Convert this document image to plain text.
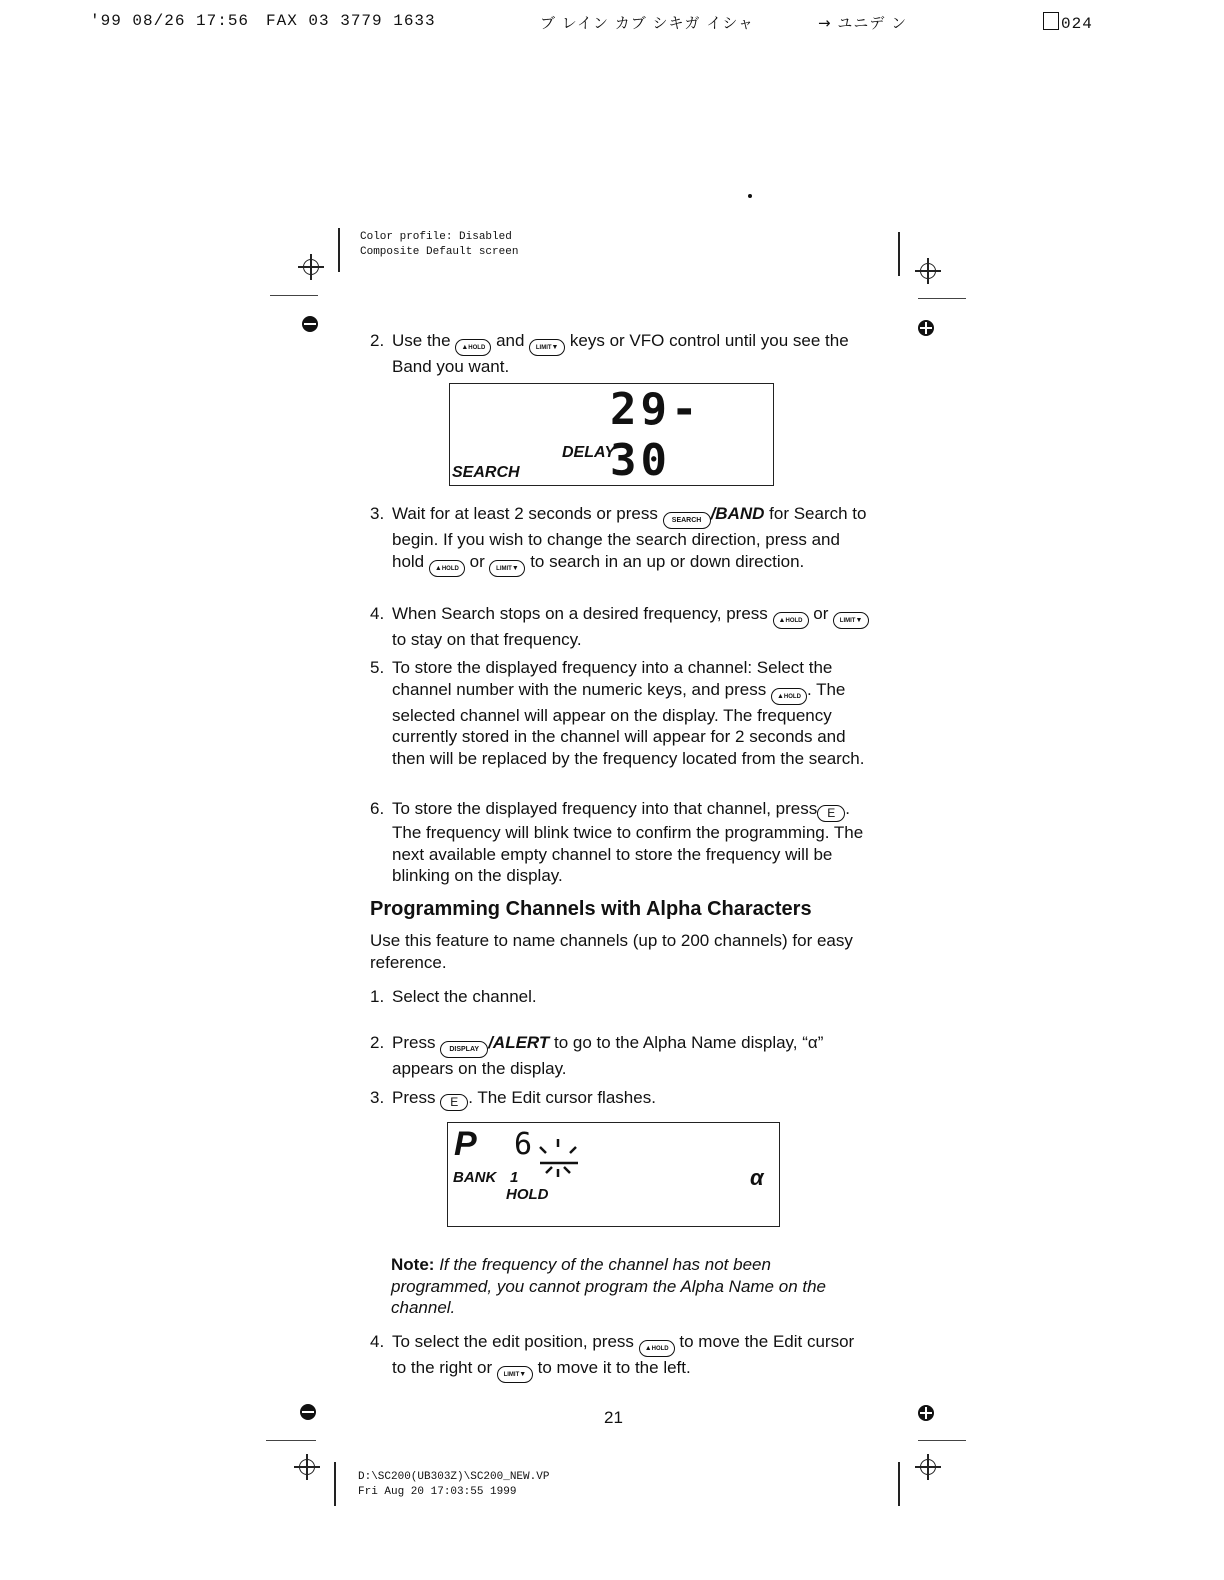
'99 08/26 17:56 FAX 03 3779 1633	ブ レイン カブ シキガ イシャ	→ ユニデ ン	024
Color profile: Disabled
Composite Default screen
2. Use the ▲HOLD and LIMIT▼ keys or VFO control until you see the Band you want.
29- 30
DELAY
SEARCH
3. Wait for at least 2 seconds or press SEARCH /BAND for Search to begin. If you wish to change the search direction, press and hold ▲HOLD or LIMIT▼ to search in an up or down direction.
4. When Search stops on a desired frequency, press ▲HOLD or LIMIT▼ to stay on that frequency.
5. To store the displayed frequency into a channel: Select the channel number with the numeric keys, and press ▲HOLD . The selected channel will appear on the display. The frequency currently stored in the channel will appear for 2 seconds and then will be replaced by the frequency located from the search.
6. To store the displayed frequency into that channel, press E . The frequency will blink twice to confirm the programming. The next available empty channel to store the frequency will be blinking on the display.
Programming Channels with Alpha Characters
Use this feature to name channels (up to 200 channels) for easy reference.
1. Select the channel.
2. Press DISPLAY /ALERT to go to the Alpha Name display, “α” appears on the display.
3. Press E . The Edit cursor flashes.
P 6
BANK 1
HOLD
α
Note: If the frequency of the channel has not been programmed, you cannot program the Alpha Name on the channel.
4. To select the edit position, press ▲HOLD to move the Edit cursor to the right or LIMIT▼ to move it to the left.
21
D:\SC200(UB303Z)\SC200_NEW.VP
Fri Aug 20 17:03:55 1999
